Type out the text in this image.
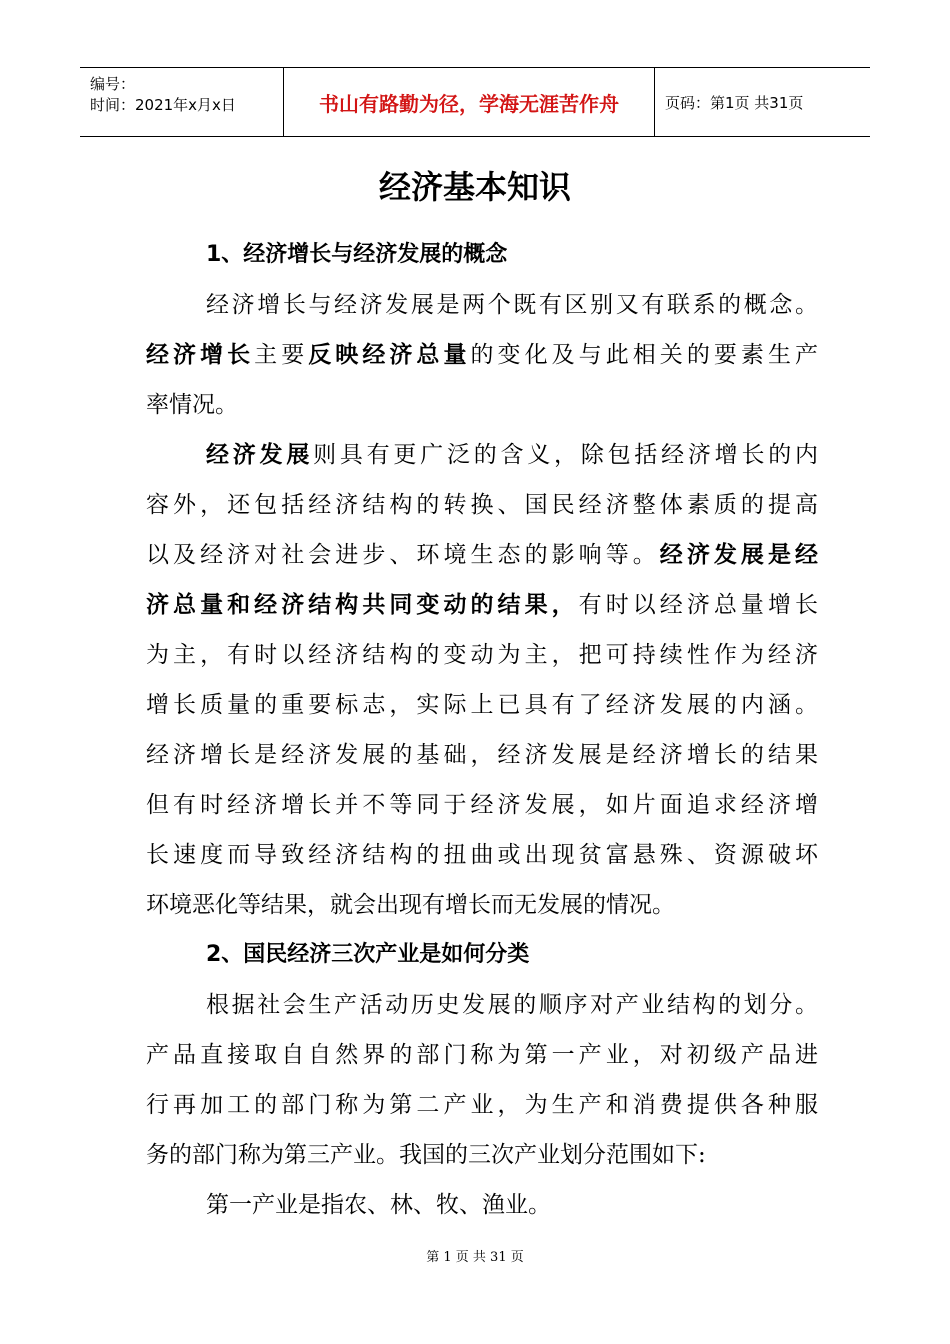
编号：
时间：2021年x月x日	书山有路勤为径，学海无涯苦作舟	页码：第1页 共31页
经济基本知识
1、经济增长与经济发展的概念
经济增长与经济发展是两个既有区别又有联系的概念。
经济增长主要反映经济总量的变化及与此相关的要素生产
率情况。
经济发展则具有更广泛的含义，除包括经济增长的内
容外，还包括经济结构的转换、国民经济整体素质的提高
以及经济对社会进步、环境生态的影响等。经济发展是经
济总量和经济结构共同变动的结果，有时以经济总量增长
为主，有时以经济结构的变动为主，把可持续性作为经济
增长质量的重要标志，实际上已具有了经济发展的内涵。
经济增长是经济发展的基础，经济发展是经济增长的结果
但有时经济增长并不等同于经济发展，如片面追求经济增
长速度而导致经济结构的扭曲或出现贫富悬殊、资源破坏
环境恶化等结果，就会出现有增长而无发展的情况。
2、国民经济三次产业是如何分类
根据社会生产活动历史发展的顺序对产业结构的划分。
产品直接取自自然界的部门称为第一产业，对初级产品进
行再加工的部门称为第二产业，为生产和消费提供各种服
务的部门称为第三产业。我国的三次产业划分范围如下:
第一产业是指农、林、牧、渔业。
第 1 页 共 31 页
